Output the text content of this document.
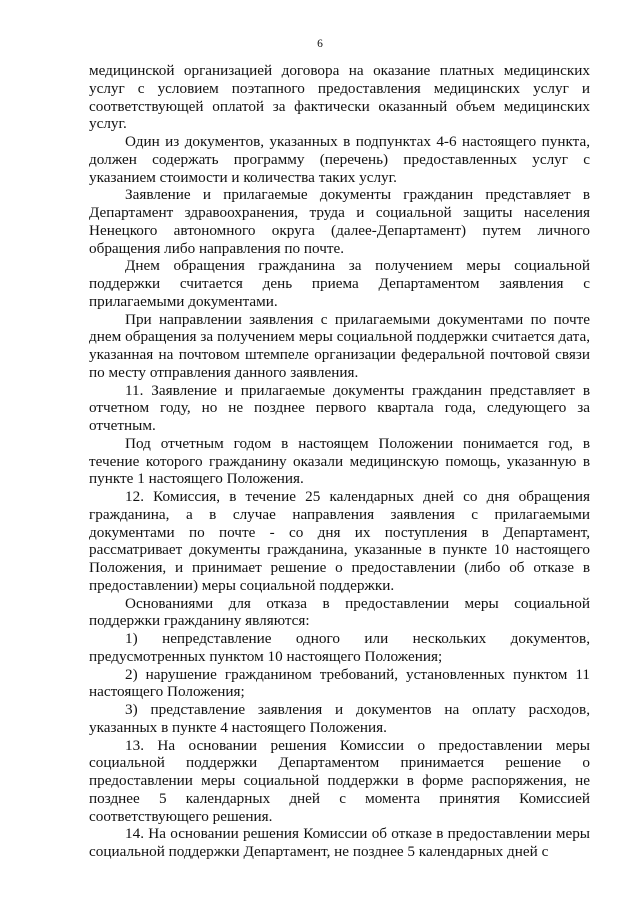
6

медицинской организацией договора на оказание платных медицинских услуг с условием поэтапного предоставления медицинских услуг и соответствующей оплатой за фактически оказанный объем медицинских услуг.

Один из документов, указанных в подпунктах 4-6 настоящего пункта, должен содержать программу (перечень) предоставленных услуг с указанием стоимости и количества таких услуг.

Заявление и прилагаемые документы гражданин представляет в Департамент здравоохранения, труда и социальной защиты населения Ненецкого автономного округа (далее-Департамент) путем личного обращения либо направления по почте.

Днем обращения гражданина за получением меры социальной поддержки считается день приема Департаментом заявления с прилагаемыми документами.

При направлении заявления с прилагаемыми документами по почте днем обращения за получением меры социальной поддержки считается дата, указанная на почтовом штемпеле организации федеральной почтовой связи по месту отправления данного заявления.

11. Заявление и прилагаемые документы гражданин представляет в отчетном году, но не позднее первого квартала года, следующего за отчетным.

Под отчетным годом в настоящем Положении понимается год, в течение которого гражданину оказали медицинскую помощь, указанную в пункте 1 настоящего Положения.

12. Комиссия, в течение 25 календарных дней со дня обращения гражданина, а в случае направления заявления с прилагаемыми документами по почте - со дня их поступления в Департамент, рассматривает документы гражданина, указанные в пункте 10 настоящего Положения, и принимает решение о предоставлении (либо об отказе в предоставлении) меры социальной поддержки.

Основаниями для отказа в предоставлении меры социальной поддержки гражданину являются:

1) непредставление одного или нескольких документов, предусмотренных пунктом 10 настоящего Положения;

2) нарушение гражданином требований, установленных пунктом 11 настоящего Положения;

3) представление заявления и документов на оплату расходов, указанных в пункте 4 настоящего Положения.

13. На основании решения Комиссии о предоставлении меры социальной поддержки Департаментом принимается решение о предоставлении меры социальной поддержки в форме распоряжения, не позднее 5 календарных дней с момента принятия Комиссией соответствующего решения.

14. На основании решения Комиссии об отказе в предоставлении меры социальной поддержки Департамент, не позднее 5 календарных дней с
